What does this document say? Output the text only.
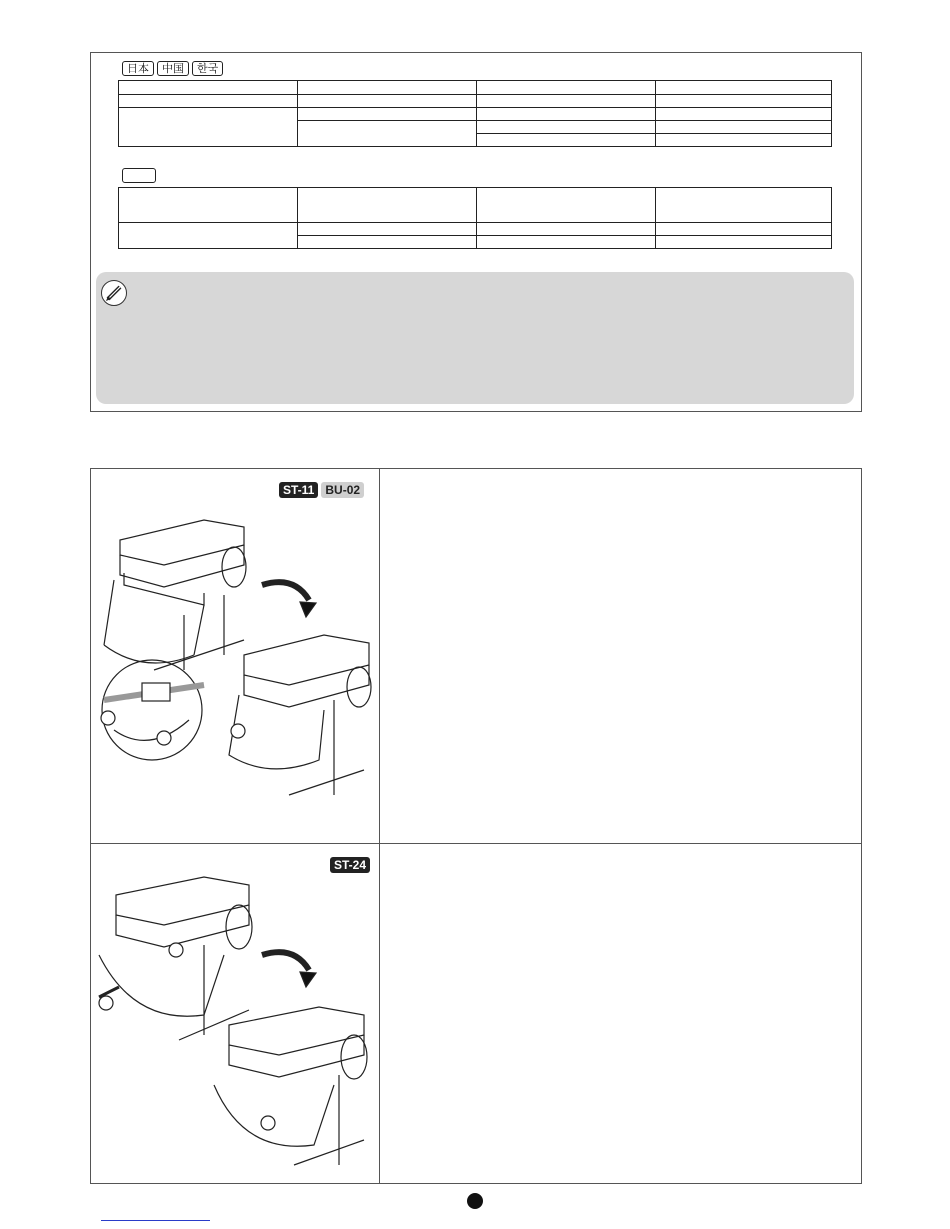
日本	中国	한국

ST-11 BU-02
ST-24
